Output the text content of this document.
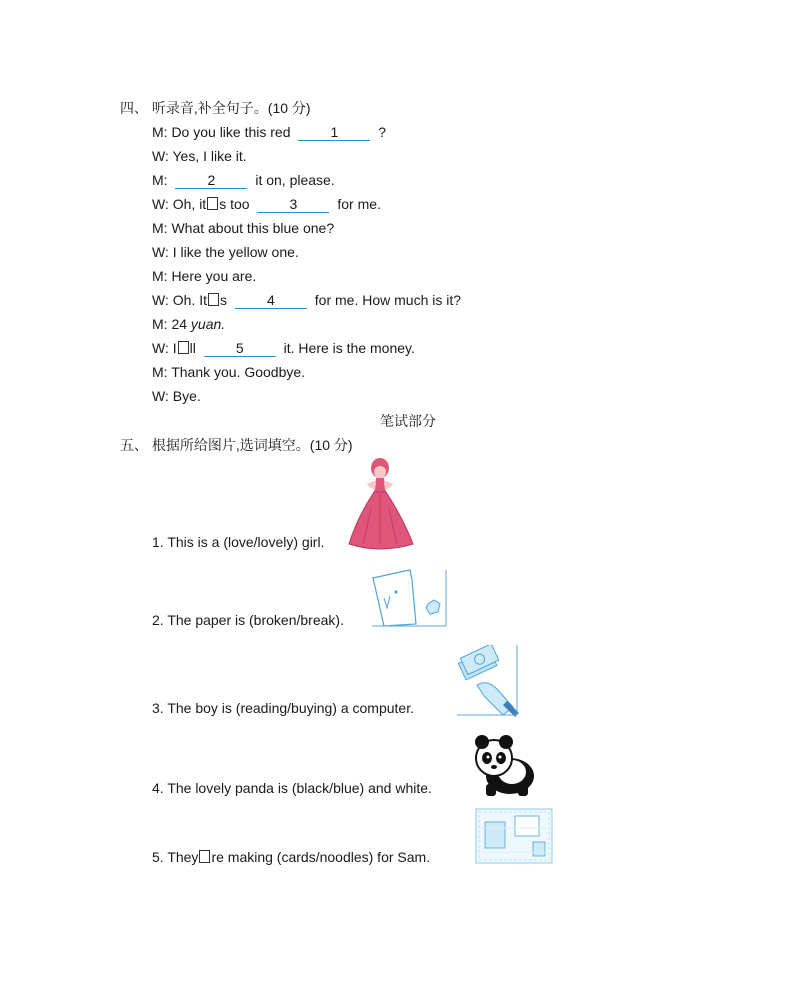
四、 听录音,补全句子。(10 分)
M: Do you like this red	1	?
W: Yes, I like it.
M:	2	it on, please.
W: Oh, it s too	3	for me.
M: What about this blue one?
W: I like the yellow one.
M: Here you are.
W: Oh. It s	4	for me. How much is it?
M: 24 yuan.
W: I ll	5	it. Here is the money.
M: Thank you. Goodbye.
W: Bye.
笔试部分
五、 根据所给图片,选词填空。(10 分)
1. This is a (love/lovely) girl.
2. The paper is (broken/break).
3. The boy is (reading/buying) a computer.
4. The lovely panda is (black/blue) and white.
5. They re making (cards/noodles) for Sam.
